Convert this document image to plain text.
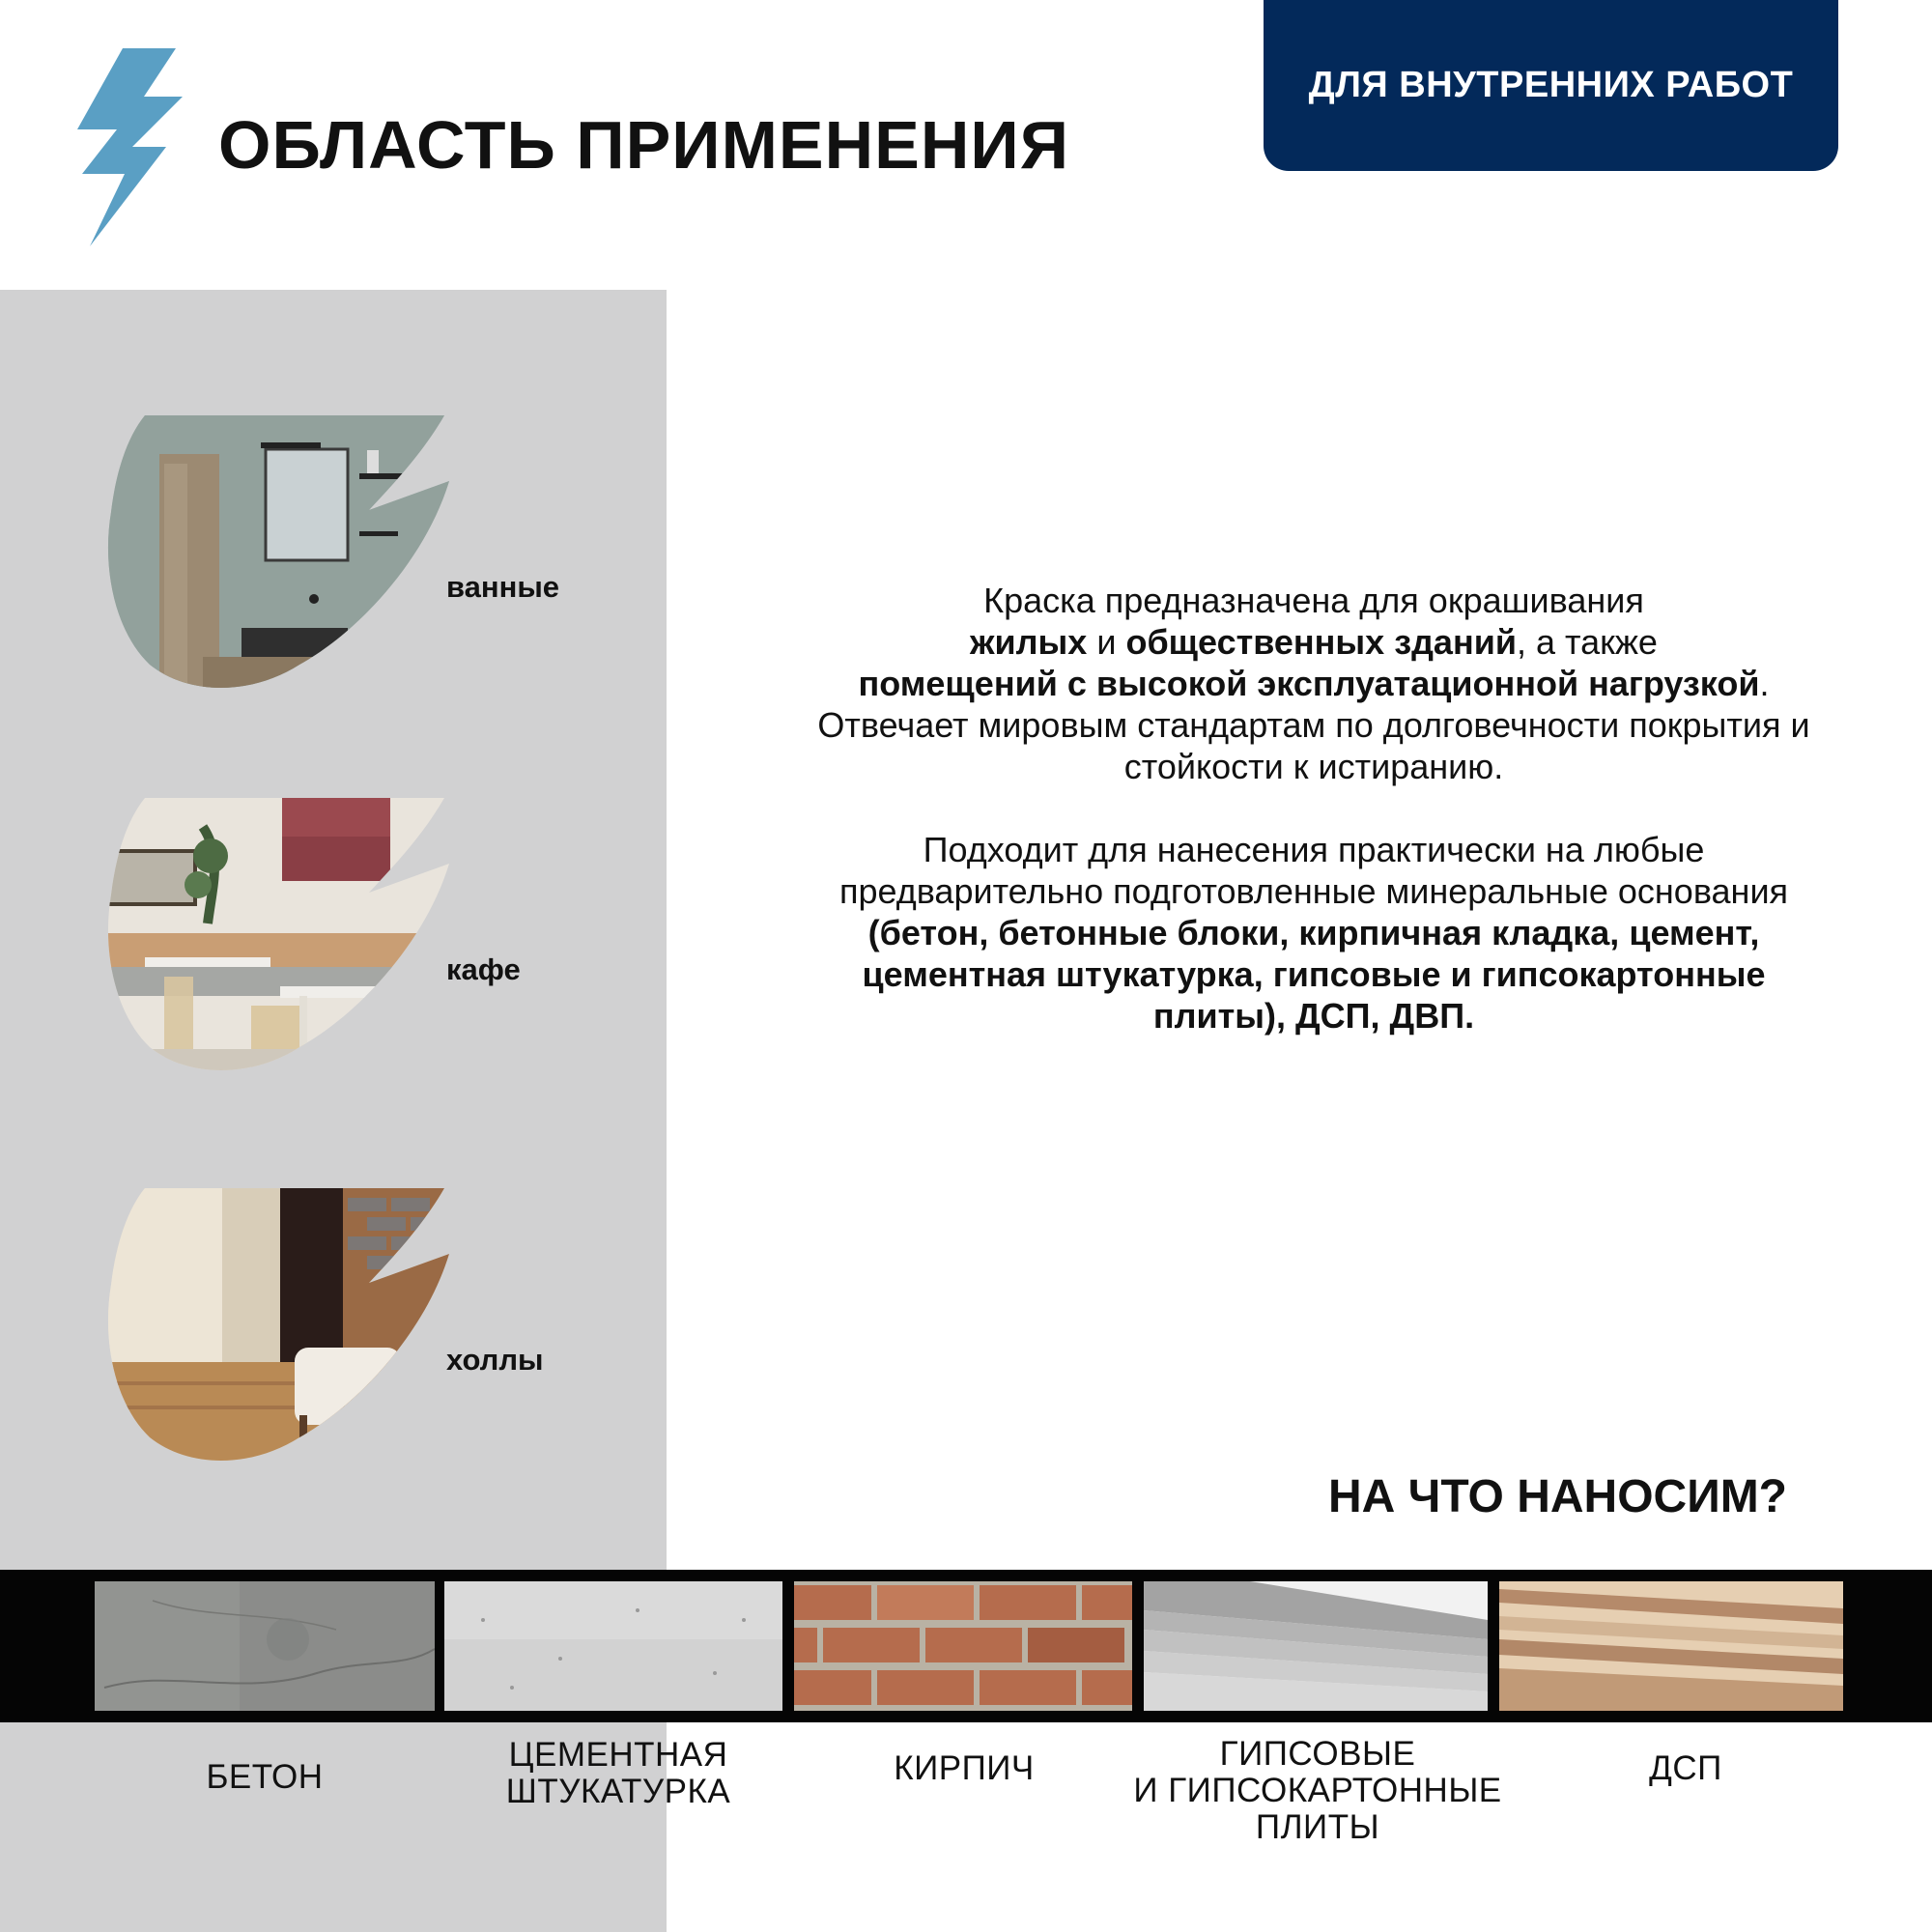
ОБЛАСТЬ ПРИМЕНЕНИЯ
ДЛЯ ВНУТРЕННИХ РАБОТ
ванные
кафе
холлы

Краска предназначена для окрашивания
жилых и общественных зданий, а также
помещений с высокой эксплуатационной нагрузкой. Отвечает мировым стандартам по долговечности покрытия и стойкости к истиранию.

Подходит для нанесения практически на любые предварительно подготовленные минеральные основания (бетон, бетонные блоки, кирпичная кладка, цемент, цементная штукатурка, гипсовые и гипсокартонные плиты), ДСП, ДВП.

НА ЧТО НАНОСИМ?
БЕТОН
ЦЕМЕНТНАЯ
ШТУКАТУРКА
КИРПИЧ	ГИПСОВЫЕ
И ГИПСОКАРТОННЫЕ
ПЛИТЫ
ДСП
